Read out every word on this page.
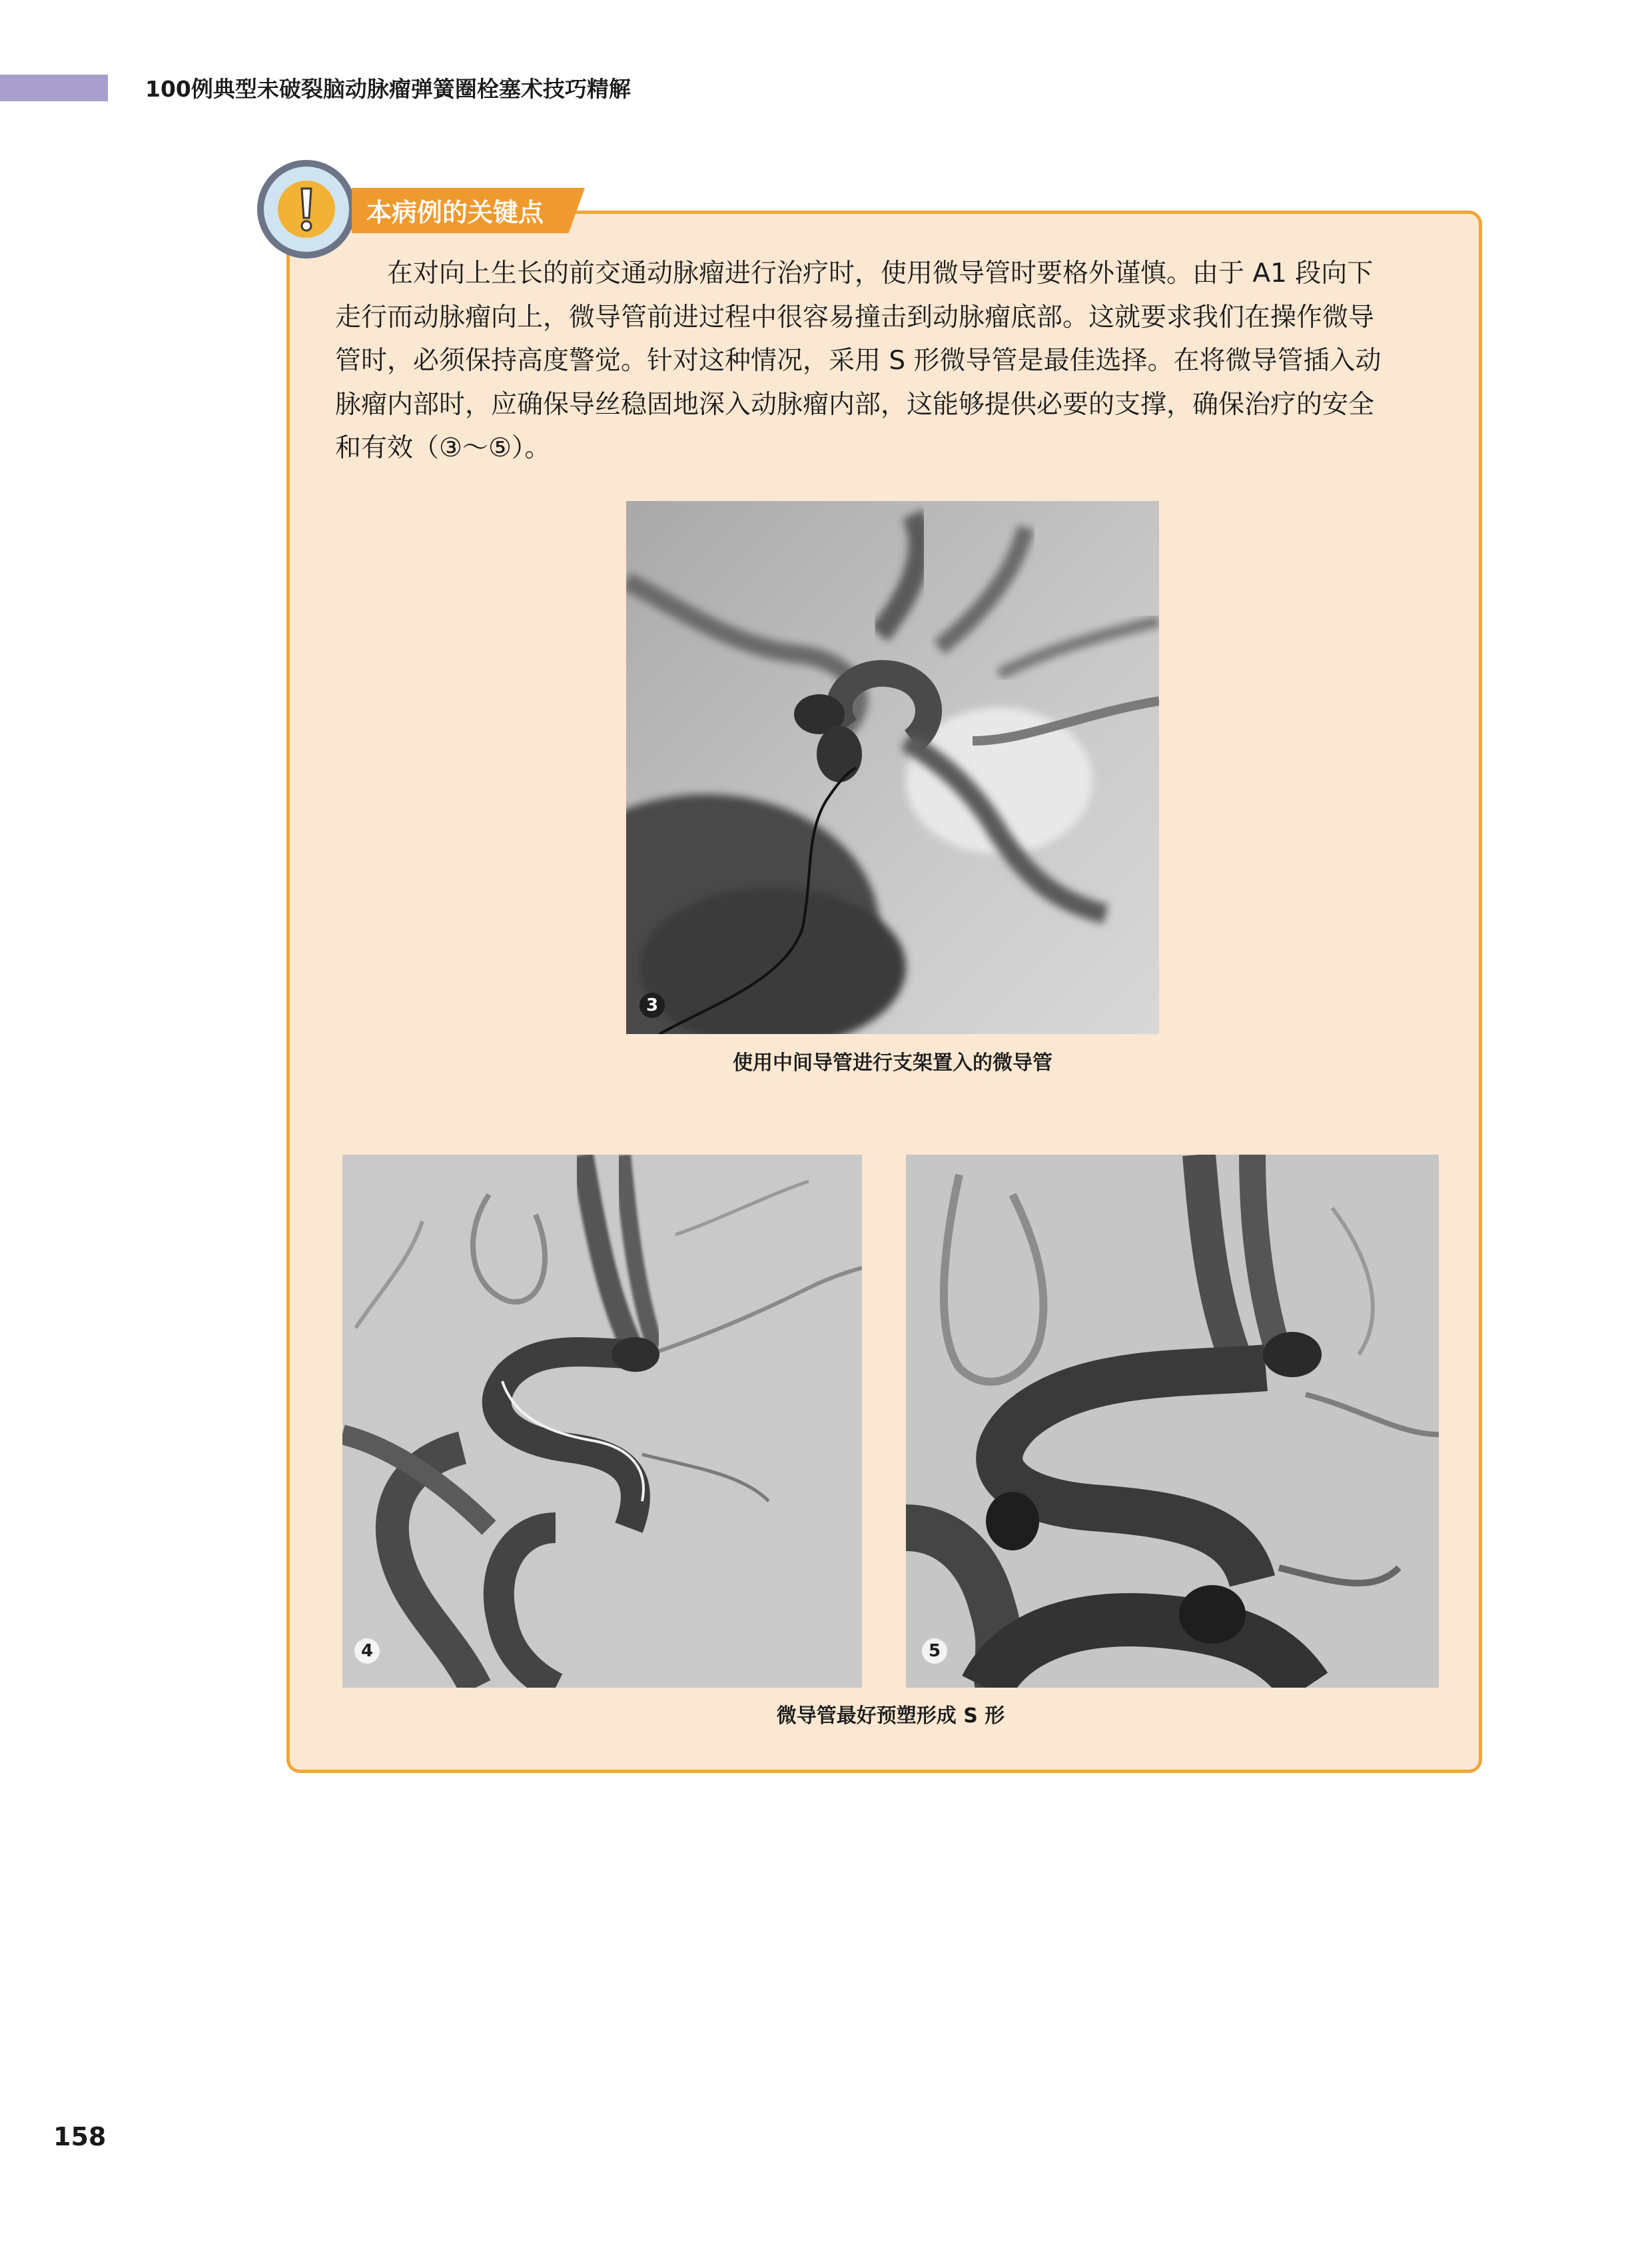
100例典型未破裂脑动脉瘤弹簧圈栓塞术技巧精解
本病例的关键点

在对向上生长的前交通动脉瘤进行治疗时，使用微导管时要格外谨慎。由于 A1 段向下

走行而动脉瘤向上，微导管前进过程中很容易撞击到动脉瘤底部。这就要求我们在操作微导

管时，必须保持高度警觉。针对这种情况，采用 S 形微导管是最佳选择。在将微导管插入动

脉瘤内部时，应确保导丝稳固地深入动脉瘤内部，这能够提供必要的支撑，确保治疗的安全

和有效（③～⑤）。

3
使用中间导管进行支架置入的微导管
4	5
微导管最好预塑形成 S 形
158
